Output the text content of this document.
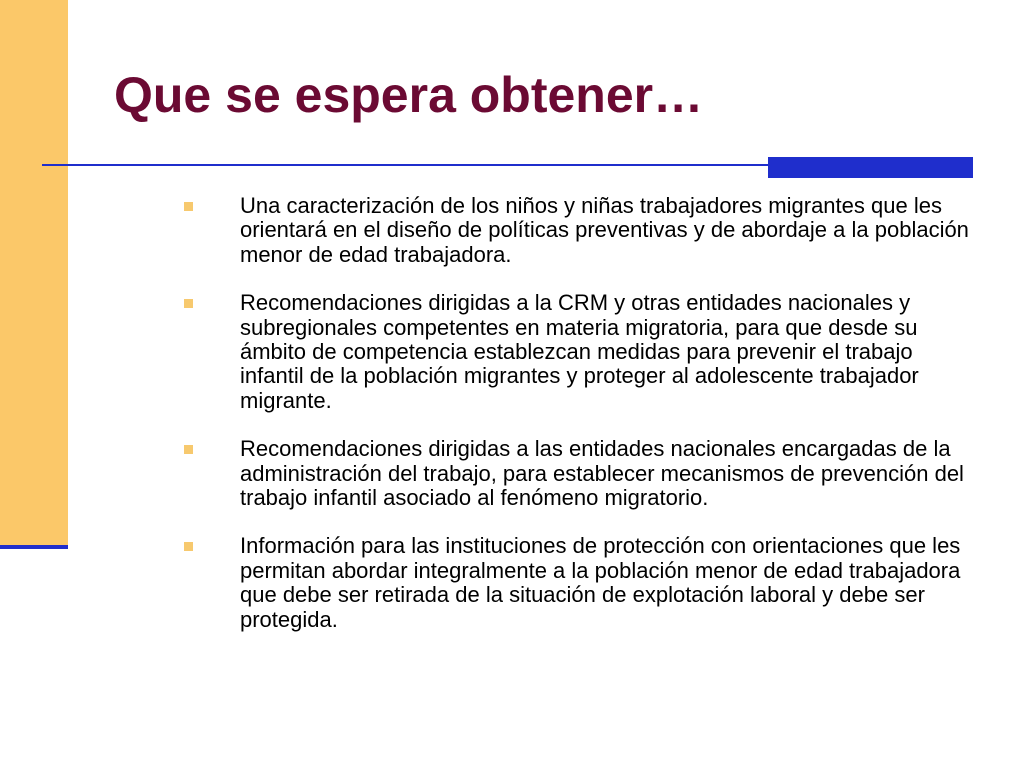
Que se espera obtener…
Una caracterización de los niños y niñas trabajadores migrantes que les orientará en el diseño de políticas preventivas y de abordaje a la población menor de edad trabajadora.
Recomendaciones dirigidas a la CRM y otras entidades nacionales y subregionales competentes en materia migratoria, para que desde su ámbito de competencia establezcan medidas para prevenir el trabajo infantil de la población migrantes y proteger al adolescente trabajador migrante.
Recomendaciones dirigidas a las entidades nacionales encargadas de la administración del trabajo, para establecer mecanismos de prevención del trabajo infantil asociado al fenómeno migratorio.
Información para las instituciones de protección con orientaciones que les permitan abordar integralmente a la población menor de edad trabajadora que debe ser retirada de la situación de explotación laboral y debe ser protegida.
